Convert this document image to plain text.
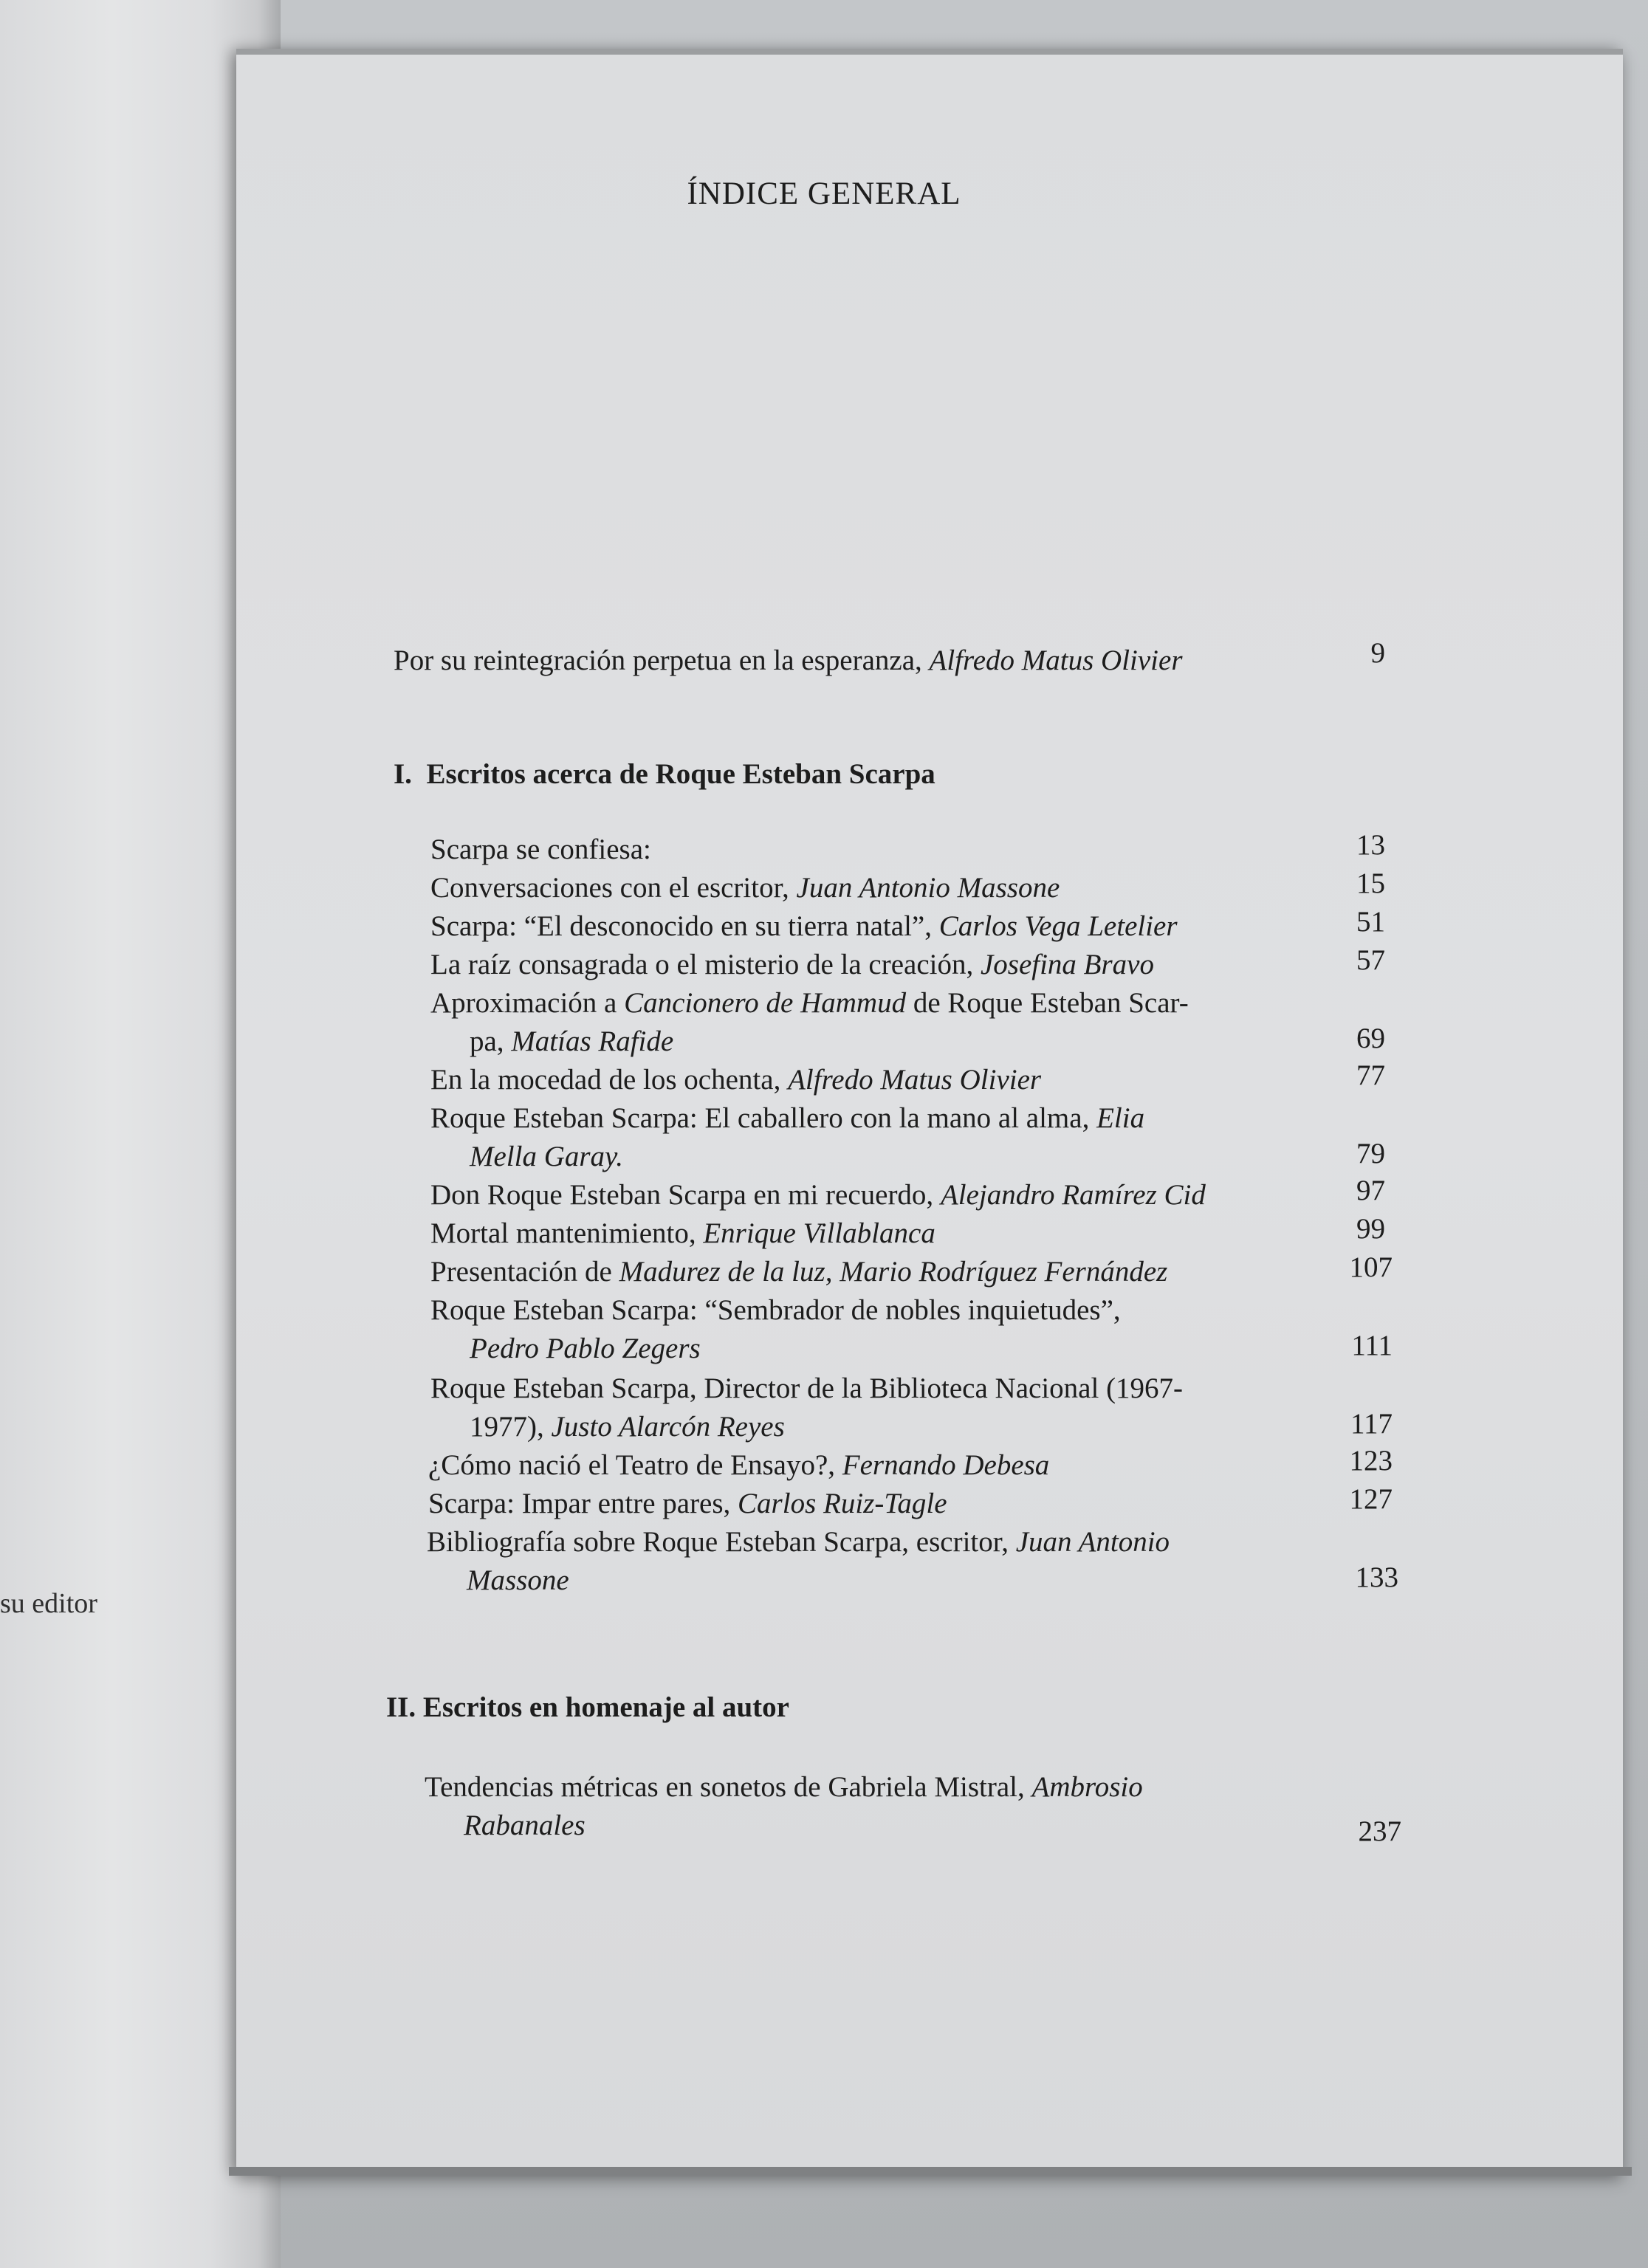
su editor
ÍNDICE GENERAL
Por su reintegración perpetua en la esperanza, Alfredo Matus Olivier	9
I. Escritos acerca de Roque Esteban Scarpa
Scarpa se confiesa:	13
Conversaciones con el escritor, Juan Antonio Massone	15
Scarpa: “El desconocido en su tierra natal”, Carlos Vega Letelier	51
La raíz consagrada o el misterio de la creación, Josefina Bravo	57
Aproximación a Cancionero de Hammud de Roque Esteban Scar-
pa, Matías Rafide	69
En la mocedad de los ochenta, Alfredo Matus Olivier	77
Roque Esteban Scarpa: El caballero con la mano al alma, Elia
Mella Garay.	79
Don Roque Esteban Scarpa en mi recuerdo, Alejandro Ramírez Cid	97
Mortal mantenimiento, Enrique Villablanca	99
Presentación de Madurez de la luz, Mario Rodríguez Fernández	107
Roque Esteban Scarpa: “Sembrador de nobles inquietudes”,
Pedro Pablo Zegers	111
Roque Esteban Scarpa, Director de la Biblioteca Nacional (1967-
1977), Justo Alarcón Reyes	117
¿Cómo nació el Teatro de Ensayo?, Fernando Debesa	123
Scarpa: Impar entre pares, Carlos Ruiz-Tagle	127
Bibliografía sobre Roque Esteban Scarpa, escritor, Juan Antonio
Massone	133
II. Escritos en homenaje al autor
Tendencias métricas en sonetos de Gabriela Mistral, Ambrosio
Rabanales	237
